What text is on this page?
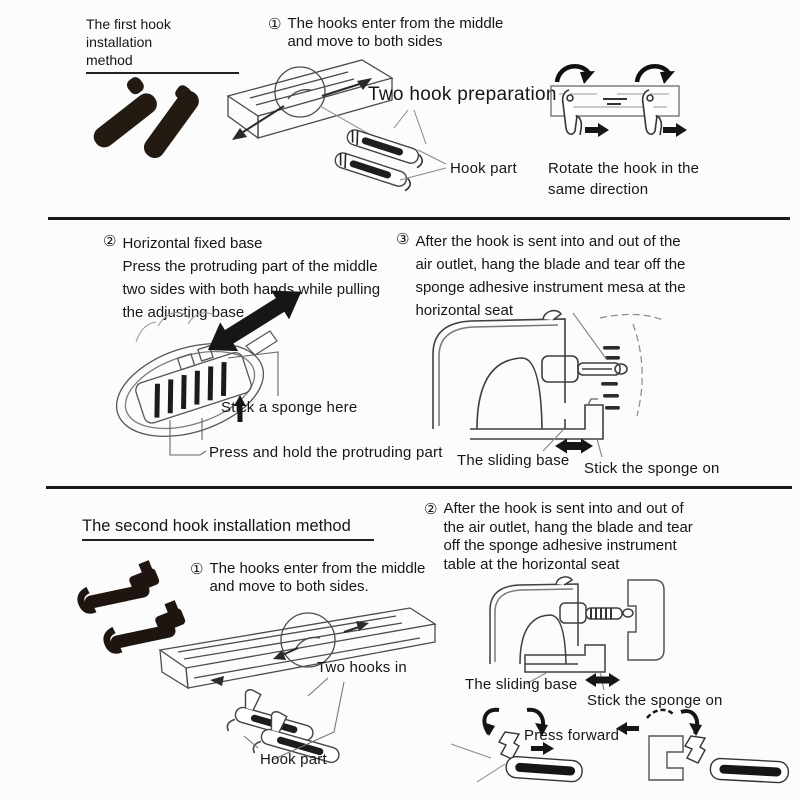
The first hook installation
method
① The hooks enter from the middle
and move to both sides
Two hook preparation
Hook part Rotate the hook in the
same direction
② Horizontal fixed base
Press the protruding part of the middle
two sides with both hands while pulling
the adjusting base
Stick a sponge here
Press and hold the protruding part
③ After the hook is sent into and out of the
air outlet, hang the blade and tear off the
sponge adhesive instrument mesa at the
horizontal seat
The sliding base Stick the sponge on
The second hook installation method
① The hooks enter from the middle
and move to both sides.
Two hooks in
Hook part
② After the hook is sent into and out of
the air outlet, hang the blade and tear
off the sponge adhesive instrument
table at the horizontal seat
The sliding base
Stick the sponge on
Press forward
